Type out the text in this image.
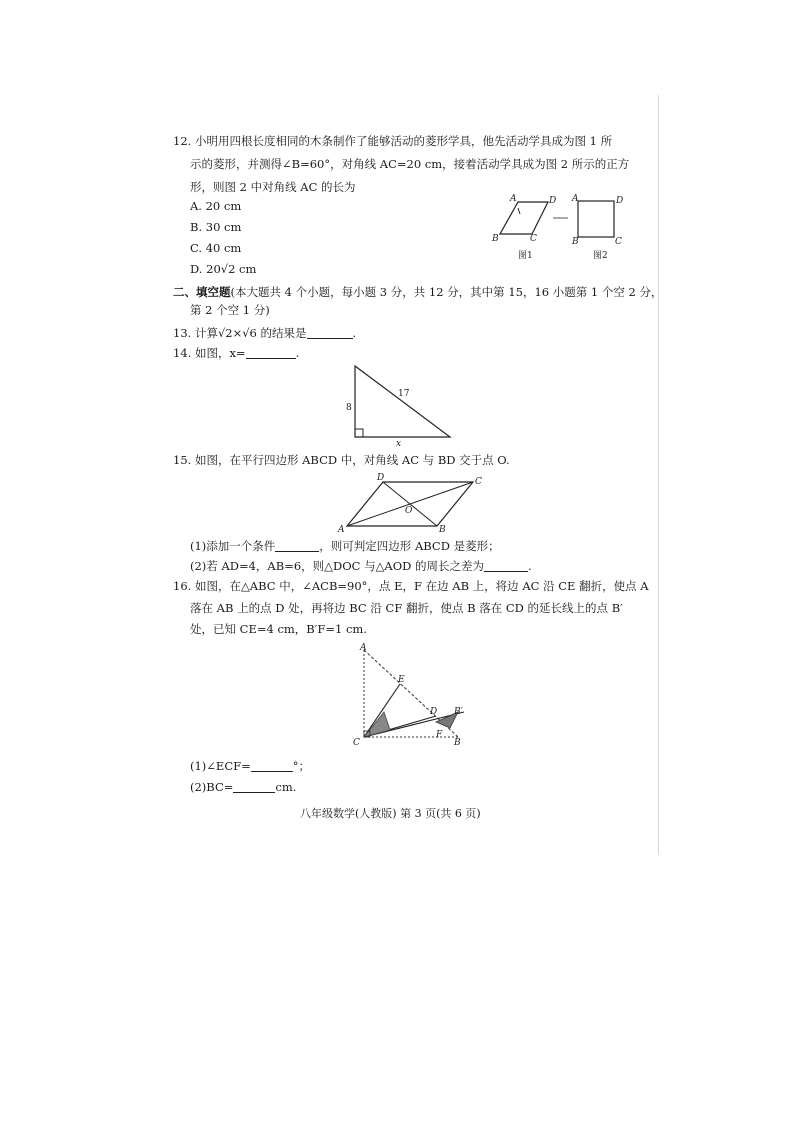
12. 小明用四根长度相同的木条制作了能够活动的菱形学具，他先活动学具成为图 1 所
示的菱形，并测得∠B=60°，对角线 AC=20 cm，接着活动学具成为图 2 所示的正方
形，则图 2 中对角线 AC 的长为
A. 20 cm
B. 30 cm
C. 40 cm
D. 20√2 cm
A	D
B	C
图1
A	D
B	C
图2
二、填空题(本大题共 4 个小题，每小题 3 分，共 12 分，其中第 15，16 小题第 1 个空 2 分，
第 2 个空 1 分)
13. 计算√2×√6 的结果是	.
14. 如图，x=	.
8
17
x
15. 如图，在平行四边形 ABCD 中，对角线 AC 与 BD 交于点 O.
A	B
C
D
O
(1)添加一个条件	，则可判定四边形 ABCD 是菱形；
(2)若 AD=4，AB=6，则△DOC 与△AOD 的周长之差为	.
16. 如图，在△ABC 中，∠ACB=90°，点 E，F 在边 AB 上，将边 AC 沿 CE 翻折，使点 A
落在 AB 上的点 D 处，再将边 BC 沿 CF 翻折，使点 B 落在 CD 的延长线上的点 B′
处，已知 CE=4 cm，B′F=1 cm.
A
E
D B′
F
C	B
(1)∠ECF=	°；
(2)BC=	cm.
八年级数学(人教版) 第 3 页(共 6 页)
